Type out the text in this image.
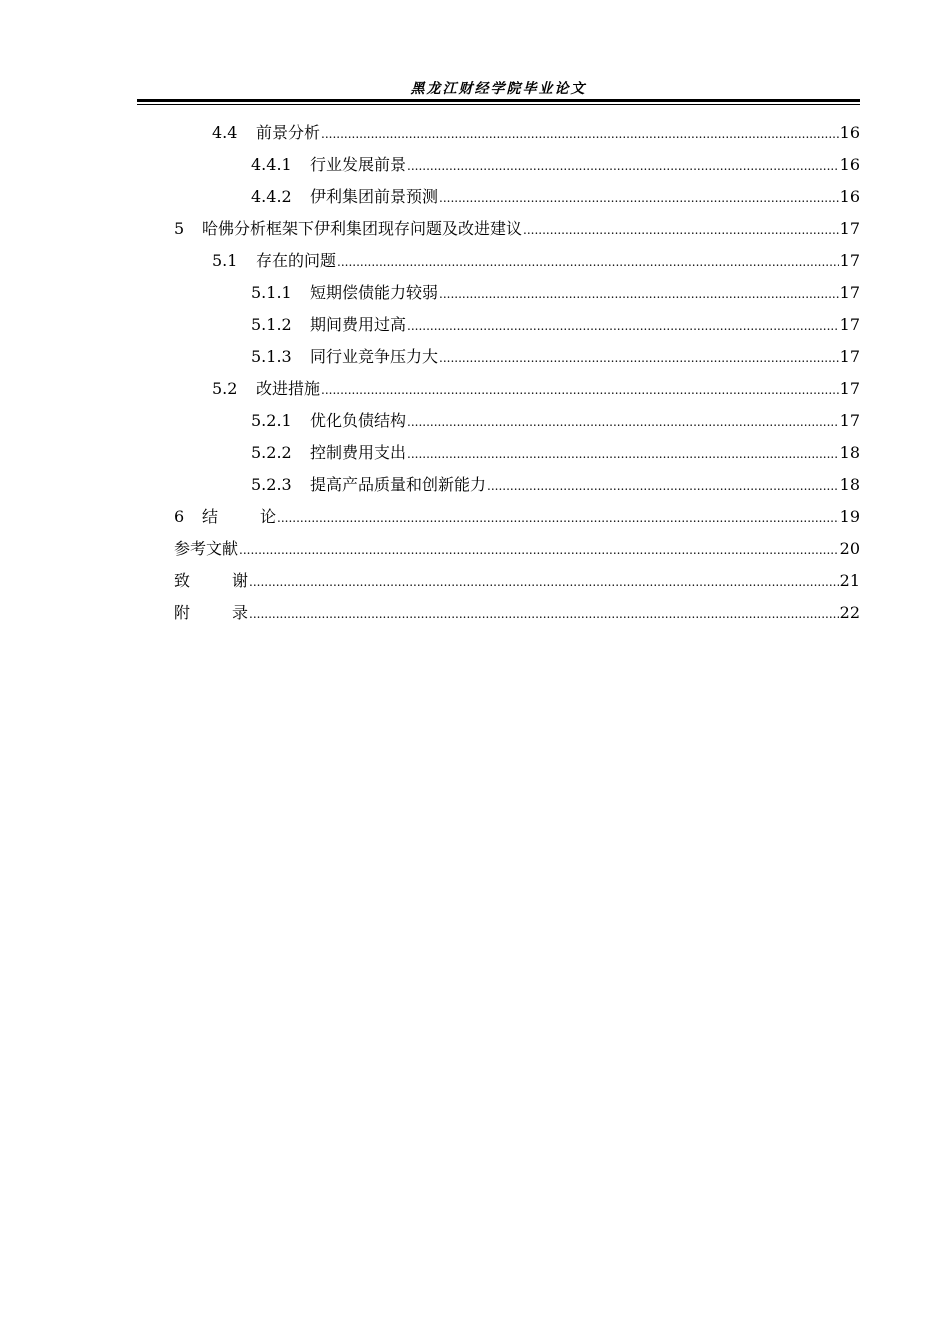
黑龙江财经学院毕业论文
4.4	前景分析 .....	16
4.4.1	行业发展前景 .....	16
4.4.2	伊利集团前景预测 .....	16
5	哈佛分析框架下伊利集团现存问题及改进建议 .....	17
5.1	存在的问题 .....	17
5.1.1	短期偿债能力较弱 .....	17
5.1.2	期间费用过高 .....	17
5.1.3	同行业竞争压力大 .....	17
5.2	改进措施 .....	17
5.2.1	优化负债结构 .....	17
5.2.2	控制费用支出 .....	18
5.2.3	提高产品质量和创新能力 .....	18
6	结	论 .....	19
参考文献 .....	20
致	谢 .....	21
附	录 .....	22
